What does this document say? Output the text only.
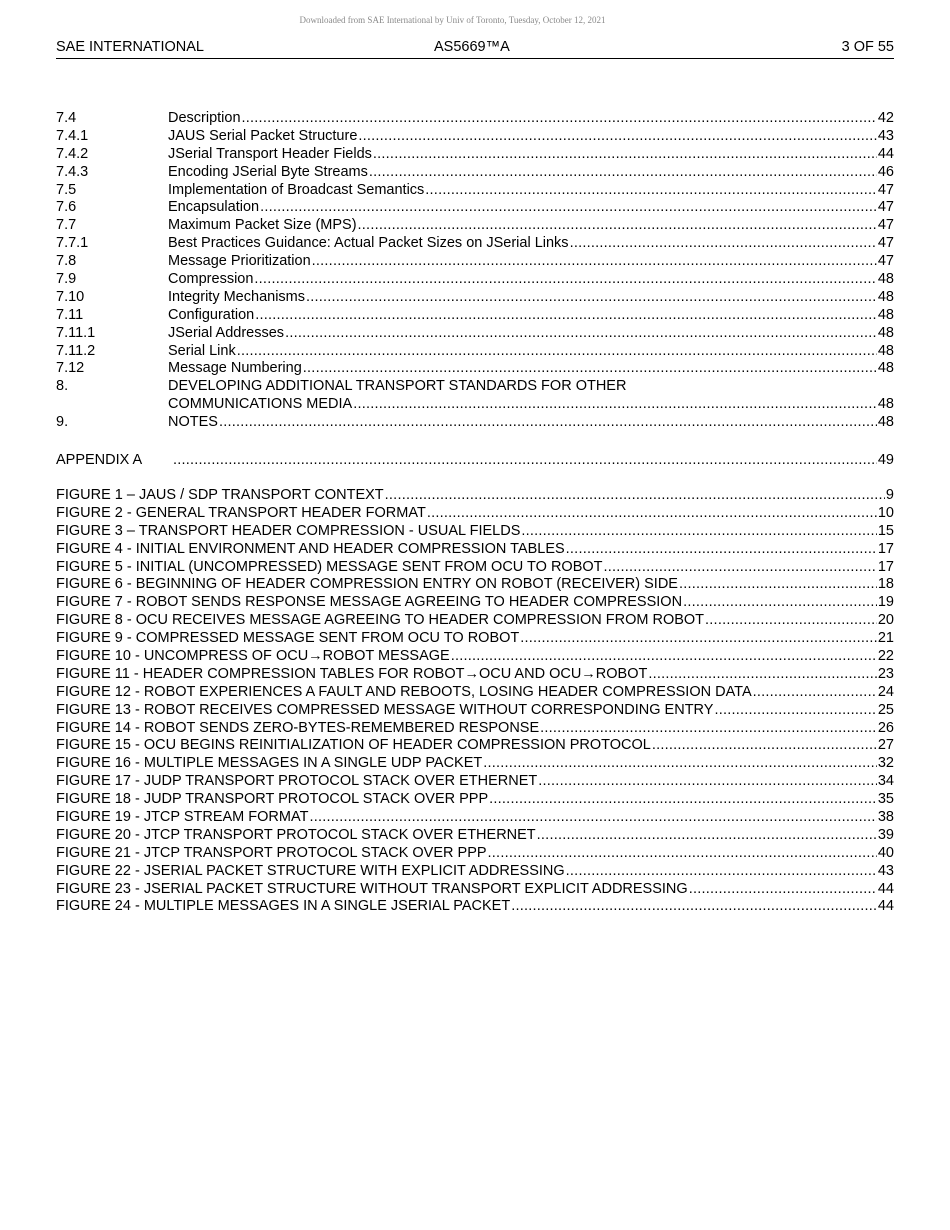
Downloaded from SAE International by Univ of Toronto, Tuesday, October 12, 2021
SAE INTERNATIONAL	AS5669™A	3 OF 55
7.4	Description . . .	42
7.4.1	JAUS Serial Packet Structure . . .	43
7.4.2	JSerial Transport Header Fields . . .	44
7.4.3	Encoding JSerial Byte Streams . . .	46
7.5	Implementation of Broadcast Semantics . . .	47
7.6	Encapsulation . . .	47
7.7	Maximum Packet Size (MPS) . . .	47
7.7.1	Best Practices Guidance: Actual Packet Sizes on JSerial Links . . .	47
7.8	Message Prioritization . . .	47
7.9	Compression . . .	48
7.10	Integrity Mechanisms . . .	48
7.11	Configuration . . .	48
7.11.1	JSerial Addresses . . .	48
7.11.2	Serial Link . . .	48
7.12	Message Numbering . . .	48
8.	DEVELOPING ADDITIONAL TRANSPORT STANDARDS FOR OTHER
COMMUNICATIONS MEDIA . . .	48
9.	NOTES . . .	48
APPENDIX A . . .	49
FIGURE 1 – JAUS / SDP TRANSPORT CONTEXT . . .	9
FIGURE 2 - GENERAL TRANSPORT HEADER FORMAT . . .	10
FIGURE 3 – TRANSPORT HEADER COMPRESSION - USUAL FIELDS . . .	15
FIGURE 4 - INITIAL ENVIRONMENT AND HEADER COMPRESSION TABLES . . .	17
FIGURE 5 - INITIAL (UNCOMPRESSED) MESSAGE SENT FROM OCU TO ROBOT . . .	17
FIGURE 6 - BEGINNING OF HEADER COMPRESSION ENTRY ON ROBOT (RECEIVER) SIDE . . .	18
FIGURE 7 - ROBOT SENDS RESPONSE MESSAGE AGREEING TO HEADER COMPRESSION . . .	19
FIGURE 8 - OCU RECEIVES MESSAGE AGREEING TO HEADER COMPRESSION FROM ROBOT . . .	20
FIGURE 9 - COMPRESSED MESSAGE SENT FROM OCU TO ROBOT . . .	21
FIGURE 10 - UNCOMPRESS OF OCU→ROBOT MESSAGE . . .	22
FIGURE 11 - HEADER COMPRESSION TABLES FOR ROBOT→OCU AND OCU→ROBOT . . .	23
FIGURE 12 - ROBOT EXPERIENCES A FAULT AND REBOOTS, LOSING HEADER COMPRESSION DATA . . .	24
FIGURE 13 - ROBOT RECEIVES COMPRESSED MESSAGE WITHOUT CORRESPONDING ENTRY . . .	25
FIGURE 14 - ROBOT SENDS ZERO-BYTES-REMEMBERED RESPONSE . . .	26
FIGURE 15 - OCU BEGINS REINITIALIZATION OF HEADER COMPRESSION PROTOCOL . . .	27
FIGURE 16 - MULTIPLE MESSAGES IN A SINGLE UDP PACKET . . .	32
FIGURE 17 - JUDP TRANSPORT PROTOCOL STACK OVER ETHERNET . . .	34
FIGURE 18 - JUDP TRANSPORT PROTOCOL STACK OVER PPP . . .	35
FIGURE 19 - JTCP STREAM FORMAT . . .	38
FIGURE 20 - JTCP TRANSPORT PROTOCOL STACK OVER ETHERNET . . .	39
FIGURE 21 - JTCP TRANSPORT PROTOCOL STACK OVER PPP . . .	40
FIGURE 22 - JSERIAL PACKET STRUCTURE WITH EXPLICIT ADDRESSING . . .	43
FIGURE 23 - JSERIAL PACKET STRUCTURE WITHOUT TRANSPORT EXPLICIT ADDRESSING . . .	44
FIGURE 24 - MULTIPLE MESSAGES IN A SINGLE JSERIAL PACKET . . .	44
